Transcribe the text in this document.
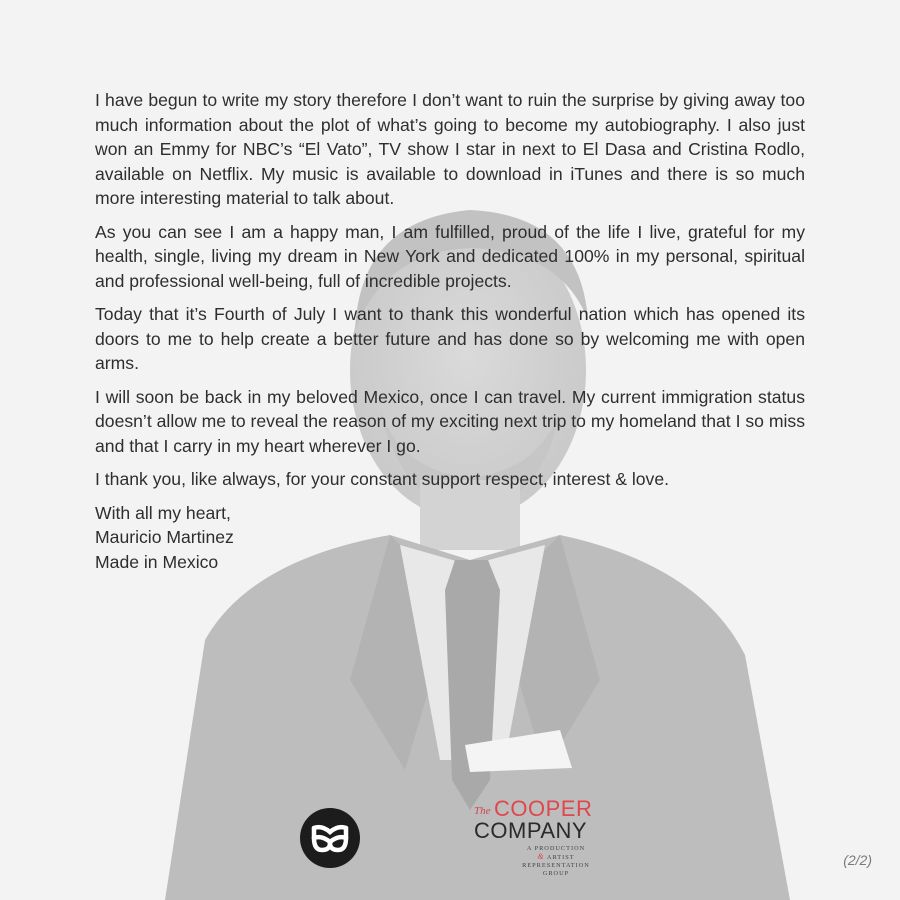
I have begun to write my story therefore I don’t want to ruin the surprise by giving away too much information about the plot of what’s going to become my autobiography. I also just won an Emmy for NBC’s “El Vato”, TV show I star in next to El Dasa and Cristina Rodlo, available on Netflix. My music is available to download in iTunes and there is so much more interesting material to talk about.

As you can see I am a happy man, I am fulfilled, proud of the life I live, grateful for my health, single, living my dream in New York and dedicated 100% in my personal, spiritual and professional well-being, full of incredible projects.

Today that it’s Fourth of July I want to thank this wonderful nation which has opened its doors to me to help create a better future and has done so by welcoming me with open arms.

I will soon be back in my beloved Mexico, once I can travel. My current immigration status doesn’t allow me to reveal the reason of my exciting next trip to my homeland that I so miss and that I carry in my heart wherever I go.

I thank you, like always, for your constant support respect, interest & love.

With all my heart,

Mauricio Martinez

Made in Mexico

The COOPER
COMPANY
A PRODUCTION
& ARTIST
REPRESENTATION
GROUP
(2/2)
